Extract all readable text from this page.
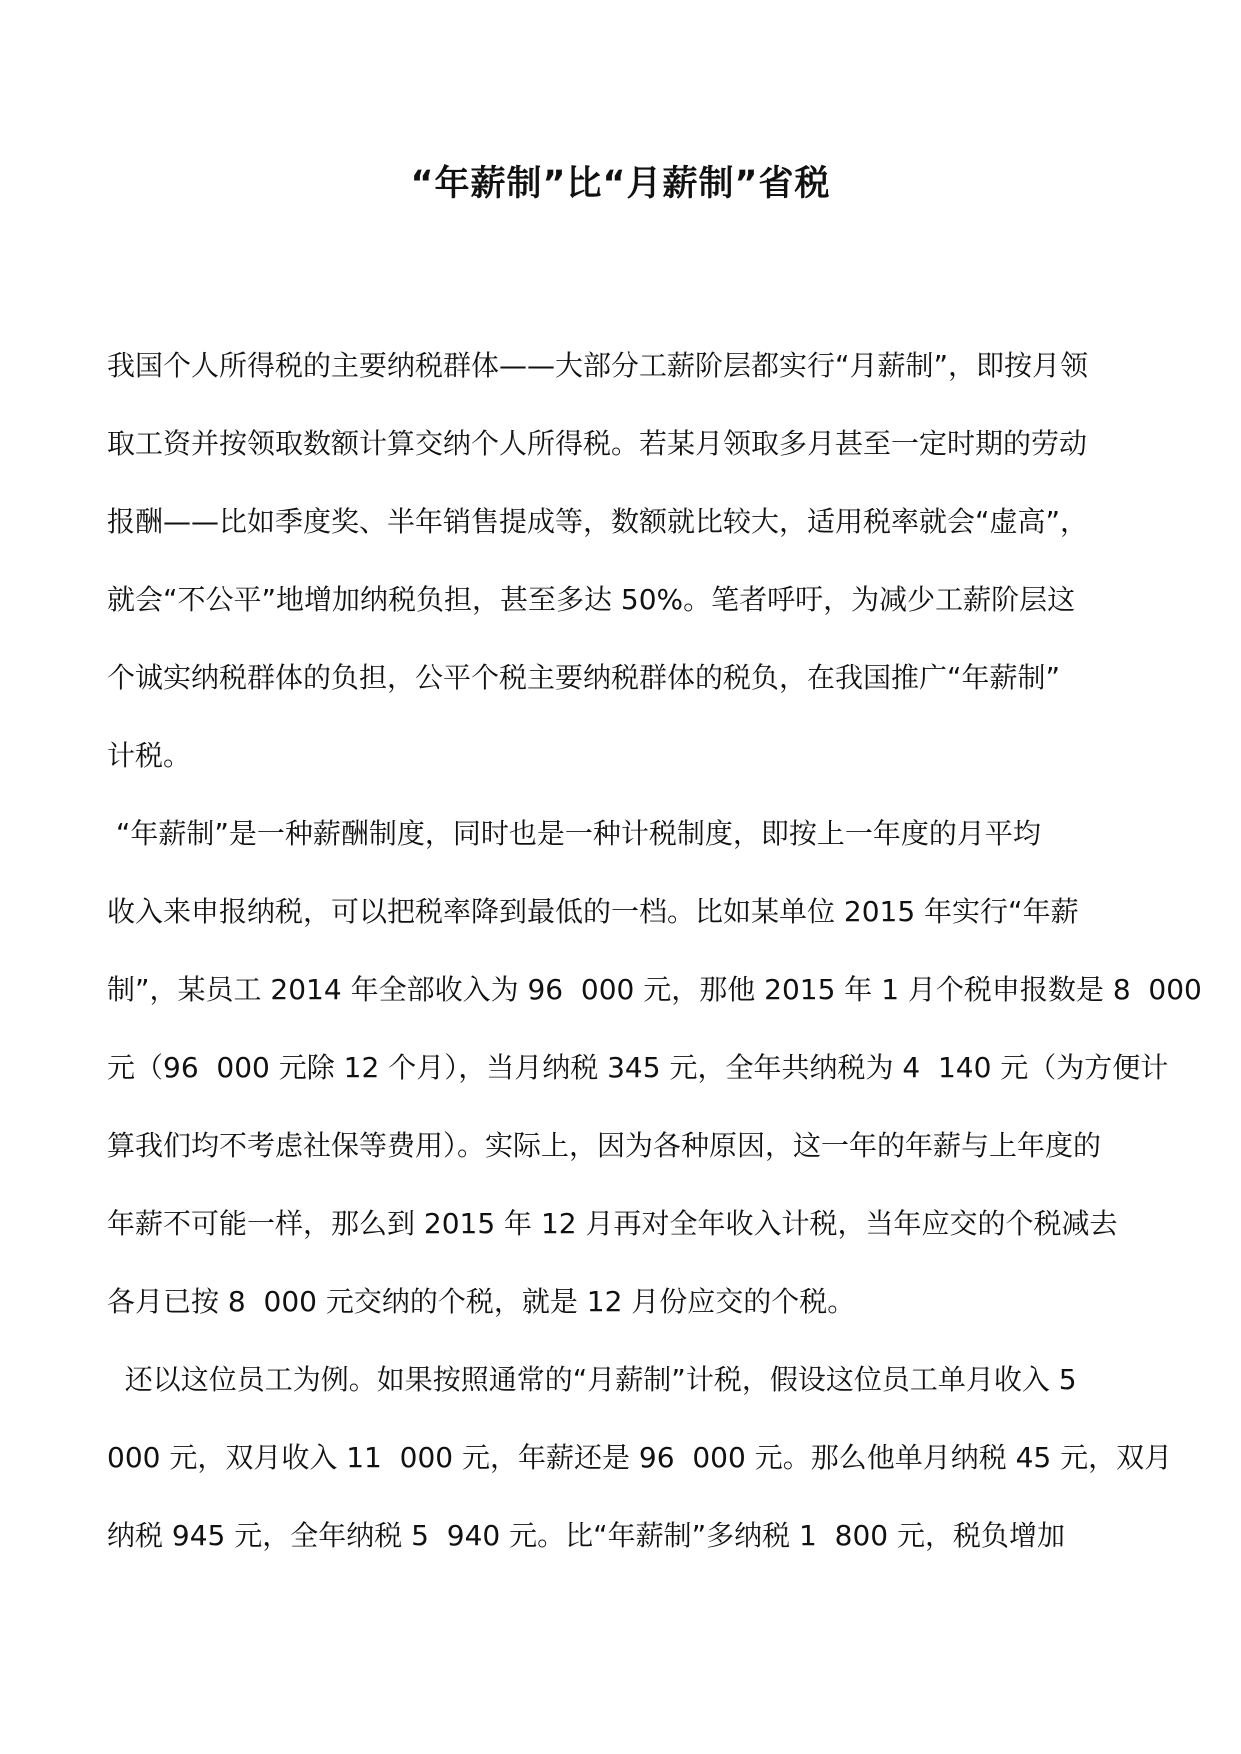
“年薪制”比“月薪制”省税
我国个人所得税的主要纳税群体——大部分工薪阶层都实行“月薪制”，即按月领
取工资并按领取数额计算交纳个人所得税。若某月领取多月甚至一定时期的劳动
报酬——比如季度奖、半年销售提成等，数额就比较大，适用税率就会“虚高”，
就会“不公平”地增加纳税负担，甚至多达 50%。笔者呼吁，为减少工薪阶层这
个诚实纳税群体的负担，公平个税主要纳税群体的税负，在我国推广“年薪制”
计税。
“年薪制”是一种薪酬制度，同时也是一种计税制度，即按上一年度的月平均
收入来申报纳税，可以把税率降到最低的一档。比如某单位 2015 年实行“年薪
制”，某员工 2014 年全部收入为 96  000 元，那他 2015 年 1 月个税申报数是 8  000
元（96  000 元除 12 个月），当月纳税 345 元，全年共纳税为 4  140 元（为方便计
算我们均不考虑社保等费用）。实际上，因为各种原因，这一年的年薪与上年度的
年薪不可能一样，那么到 2015 年 12 月再对全年收入计税，当年应交的个税减去
各月已按 8  000 元交纳的个税，就是 12 月份应交的个税。
还以这位员工为例。如果按照通常的“月薪制”计税，假设这位员工单月收入 5
000 元，双月收入 11  000 元，年薪还是 96  000 元。那么他单月纳税 45 元，双月
纳税 945 元，全年纳税 5  940 元。比“年薪制”多纳税 1  800 元，税负增加
